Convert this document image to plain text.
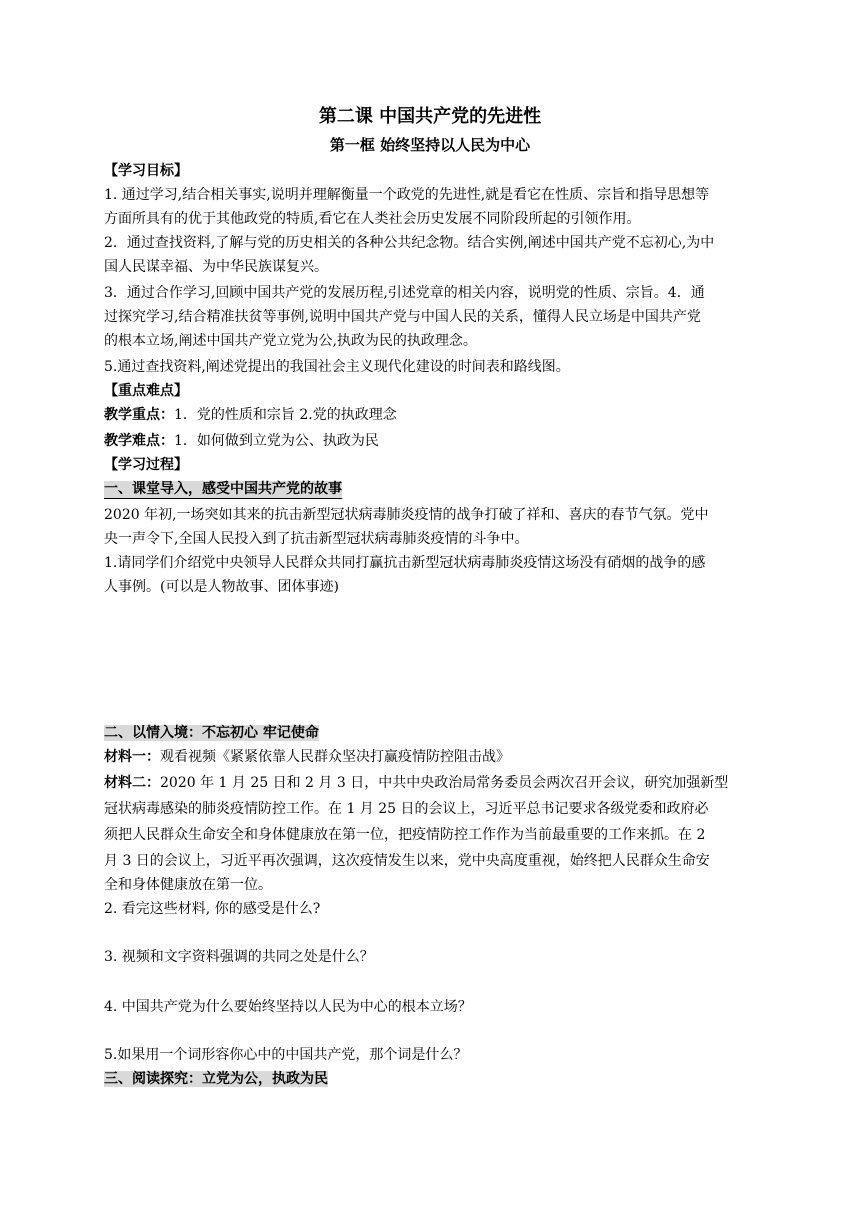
第二课 中国共产党的先进性
第一框 始终坚持以人民为中心
【学习目标】
1. 通过学习,结合相关事实,说明并理解衡量一个政党的先进性,就是看它在性质、宗旨和指导思想等
方面所具有的优于其他政党的特质,看它在人类社会历史发展不同阶段所起的引领作用。
2．通过查找资料,了解与党的历史相关的各种公共纪念物。结合实例,阐述中国共产党不忘初心,为中
国人民谋幸福、为中华民族谋复兴。
3．通过合作学习,回顾中国共产党的发展历程,引述党章的相关内容，说明党的性质、宗旨。4．通
过探究学习,结合精准扶贫等事例,说明中国共产党与中国人民的关系，懂得人民立场是中国共产党
的根本立场,阐述中国共产党立党为公,执政为民的执政理念。
5.通过查找资料,阐述党提出的我国社会主义现代化建设的时间表和路线图。
【重点难点】
教学重点：1．党的性质和宗旨 2.党的执政理念
教学难点：1．如何做到立党为公、执政为民
【学习过程】
一、课堂导入，感受中国共产党的故事
2020 年初,一场突如其来的抗击新型冠状病毒肺炎疫情的战争打破了祥和、喜庆的春节气氛。党中
央一声令下,全国人民投入到了抗击新型冠状病毒肺炎疫情的斗争中。
1.请同学们介绍党中央领导人民群众共同打赢抗击新型冠状病毒肺炎疫情这场没有硝烟的战争的感
人事例。(可以是人物故事、团体事迹)
二、以情入境：不忘初心 牢记使命
材料一：观看视频《紧紧依靠人民群众坚决打赢疫情防控阻击战》
材料二：2020 年 1 月 25 日和 2 月 3 日，中共中央政治局常务委员会两次召开会议，研究加强新型
冠状病毒感染的肺炎疫情防控工作。在 1 月 25 日的会议上，习近平总书记要求各级党委和政府必
须把人民群众生命安全和身体健康放在第一位，把疫情防控工作作为当前最重要的工作来抓。在 2
月 3 日的会议上，习近平再次强调，这次疫情发生以来，党中央高度重视，始终把人民群众生命安
全和身体健康放在第一位。
2. 看完这些材料, 你的感受是什么?
3. 视频和文字资料强调的共同之处是什么？
4. 中国共产党为什么要始终坚持以人民为中心的根本立场？
5.如果用一个词形容你心中的中国共产党，那个词是什么？
三、阅读探究：立党为公，执政为民
